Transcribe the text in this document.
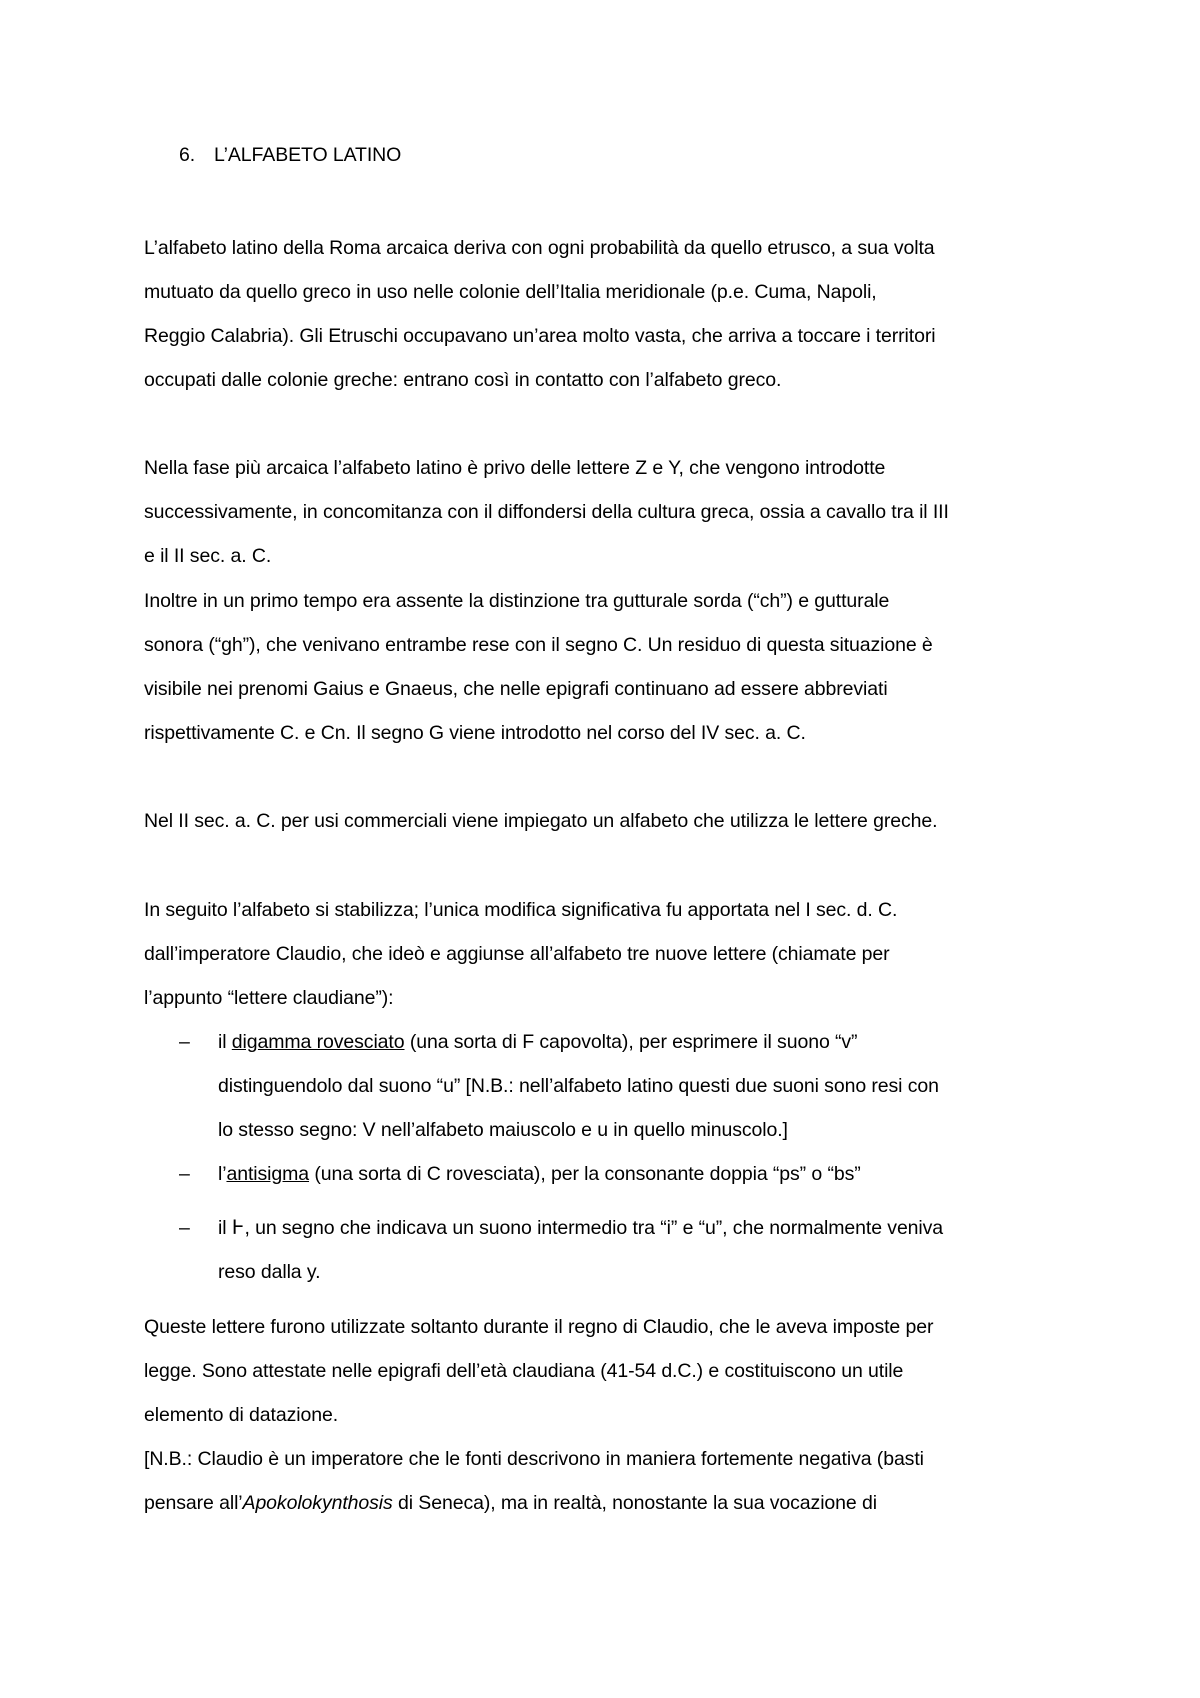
6. L’ALFABETO LATINO
L’alfabeto latino della Roma arcaica deriva con ogni probabilità da quello etrusco, a sua volta
mutuato da quello greco in uso nelle colonie dell’Italia meridionale (p.e. Cuma, Napoli,
Reggio Calabria). Gli Etruschi occupavano un’area molto vasta, che arriva a toccare i territori
occupati dalle colonie greche: entrano così in contatto con l’alfabeto greco.
Nella fase più arcaica l’alfabeto latino è privo delle lettere Z e Y, che vengono introdotte
successivamente, in concomitanza con il diffondersi della cultura greca, ossia a cavallo tra il III
e il II sec. a. C.
Inoltre in un primo tempo era assente la distinzione tra gutturale sorda (“ch”) e gutturale
sonora (“gh”), che venivano entrambe rese con il segno C. Un residuo di questa situazione è
visibile nei prenomi Gaius e Gnaeus, che nelle epigrafi continuano ad essere abbreviati
rispettivamente C. e Cn. Il segno G viene introdotto nel corso del IV sec. a. C.
Nel II sec. a. C. per usi commerciali viene impiegato un alfabeto che utilizza le lettere greche.
In seguito l’alfabeto si stabilizza; l’unica modifica significativa fu apportata nel I sec. d. C.
dall’imperatore Claudio, che ideò e aggiunse all’alfabeto tre nuove lettere (chiamate per
l’appunto “lettere claudiane”):
– il digamma rovesciato (una sorta di F capovolta), per esprimere il suono “v”
distinguendolo dal suono “u” [N.B.: nell’alfabeto latino questi due suoni sono resi con
lo stesso segno: V nell’alfabeto maiuscolo e u in quello minuscolo.]
– l’antisigma (una sorta di C rovesciata), per la consonante doppia “ps” o “bs”
– il Ͱ, un segno che indicava un suono intermedio tra “i” e “u”, che normalmente veniva
reso dalla y.
Queste lettere furono utilizzate soltanto durante il regno di Claudio, che le aveva imposte per
legge. Sono attestate nelle epigrafi dell’età claudiana (41-54 d.C.) e costituiscono un utile
elemento di datazione.
[N.B.: Claudio è un imperatore che le fonti descrivono in maniera fortemente negativa (basti
pensare all’Apokolokynthosis di Seneca), ma in realtà, nonostante la sua vocazione di
